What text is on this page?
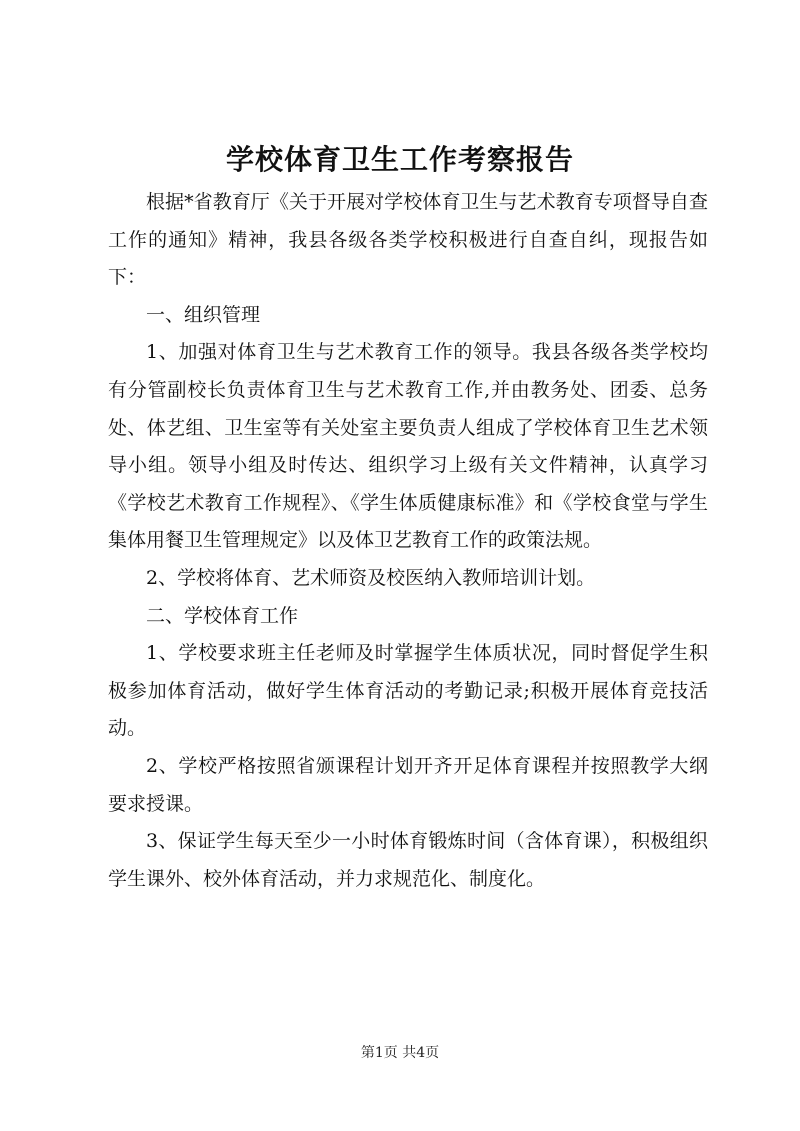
学校体育卫生工作考察报告

根据*省教育厅《关于开展对学校体育卫生与艺术教育专项督导自查工作的通知》精神，我县各级各类学校积极进行自查自纠，现报告如下：

一、组织管理

1、加强对体育卫生与艺术教育工作的领导。我县各级各类学校均有分管副校长负责体育卫生与艺术教育工作,并由教务处、团委、总务处、体艺组、卫生室等有关处室主要负责人组成了学校体育卫生艺术领导小组。领导小组及时传达、组织学习上级有关文件精神，认真学习《学校艺术教育工作规程》、《学生体质健康标准》和《学校食堂与学生集体用餐卫生管理规定》以及体卫艺教育工作的政策法规。

2、学校将体育、艺术师资及校医纳入教师培训计划。

二、学校体育工作

1、学校要求班主任老师及时掌握学生体质状况，同时督促学生积极参加体育活动，做好学生体育活动的考勤记录;积极开展体育竞技活动。

2、学校严格按照省颁课程计划开齐开足体育课程并按照教学大纲要求授课。

3、保证学生每天至少一小时体育锻炼时间（含体育课），积极组织学生课外、校外体育活动，并力求规范化、制度化。

第1页 共4页
